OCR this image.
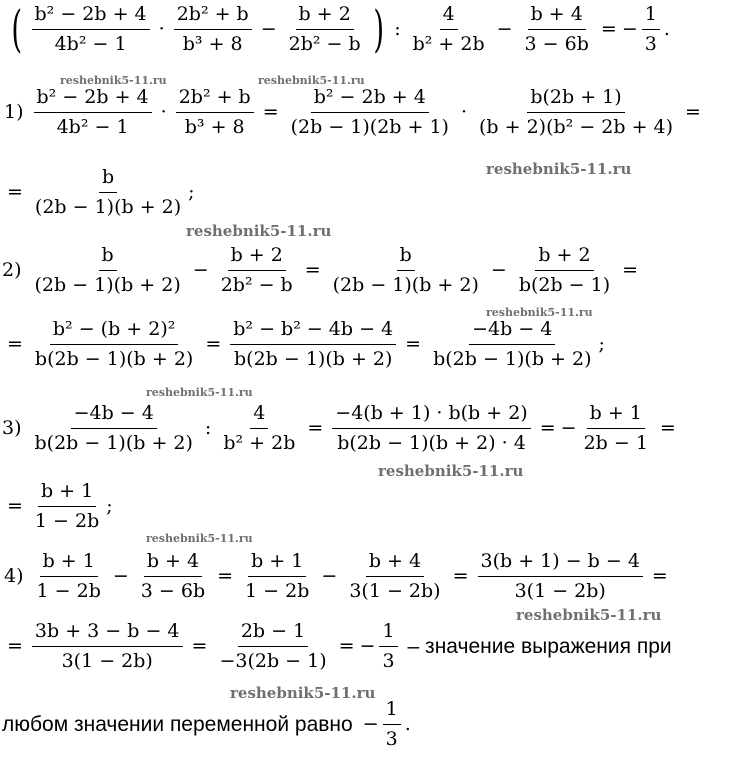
( $\frac{\text{b² − 2b + 4}}{\text{4b² − 1}} \cdot \frac{\text{2b² + b}}{\text{b³ + 8}} - \frac{b + 2}{\text{2b² − b}}$ ) : $\frac{4}{\text{b² + 2b}} - \frac{b + 4}{3 - 6b}$ = − $\frac{1}{3}$ .
$1) \frac{\text{b² − 2b + 4}}{\text{4b² − 1}} \cdot \frac{\text{2b² + b}}{\text{b³ + 8}} = \frac{\text{b² − 2b + 4}}{(2b - 1)(2b + 1)} \cdot \frac{b(2b + 1)}{\text{(b + 2)(b² − 2b + 4)}}$ =
= $\frac{b}{(2b - 1)(b + 2)}$ ;
$2) \frac{b}{(2b - 1)(b + 2)} - \frac{b + 2}{\text{2b² − b}} = \frac{b}{(2b - 1)(b + 2)} - \frac{b + 2}{b(2b - 1)}$ =
= $\frac{\text{b² − (b + 2)²}}{b(2b - 1)(b + 2)} = \frac{\text{b² − b² − 4b − 4}}{b(2b - 1)(b + 2)} = \frac{-4b - 4}{b(2b - 1)(b + 2)}$ ;
$3) \frac{-4b - 4}{b(2b - 1)(b + 2)}$ : $\frac{4}{\text{b² + 2b}} = \frac{-4(b + 1) \cdot b(b + 2)}{b(2b - 1)(b + 2) \cdot 4}$ = − $\frac{b + 1}{2b - 1}$ =
= $\frac{b + 1}{1 - 2b}$ ;
$4) \frac{b + 1}{1 - 2b} - \frac{b + 4}{3 - 6b} = \frac{b + 1}{1 - 2b} - \frac{b + 4}{3(1 - 2b)} = \frac{3(b + 1) - b - 4}{3(1 - 2b)}$ =
= $\frac{3b + 3 - b - 4}{3(1 - 2b)} = \frac{2b - 1}{-3(2b - 1)}$ = − $\frac{1}{3}$ – значение выражения при
любом значении переменной равно − $\frac{1}{3}$ .
reshebnik5-11.ru	reshebnik5-11.ru
reshebnik5-11.ru
reshebnik5-11.ru
reshebnik5-11.ru
reshebnik5-11.ru
reshebnik5-11.ru
reshebnik5-11.ru
reshebnik5-11.ru
reshebnik5-11.ru
